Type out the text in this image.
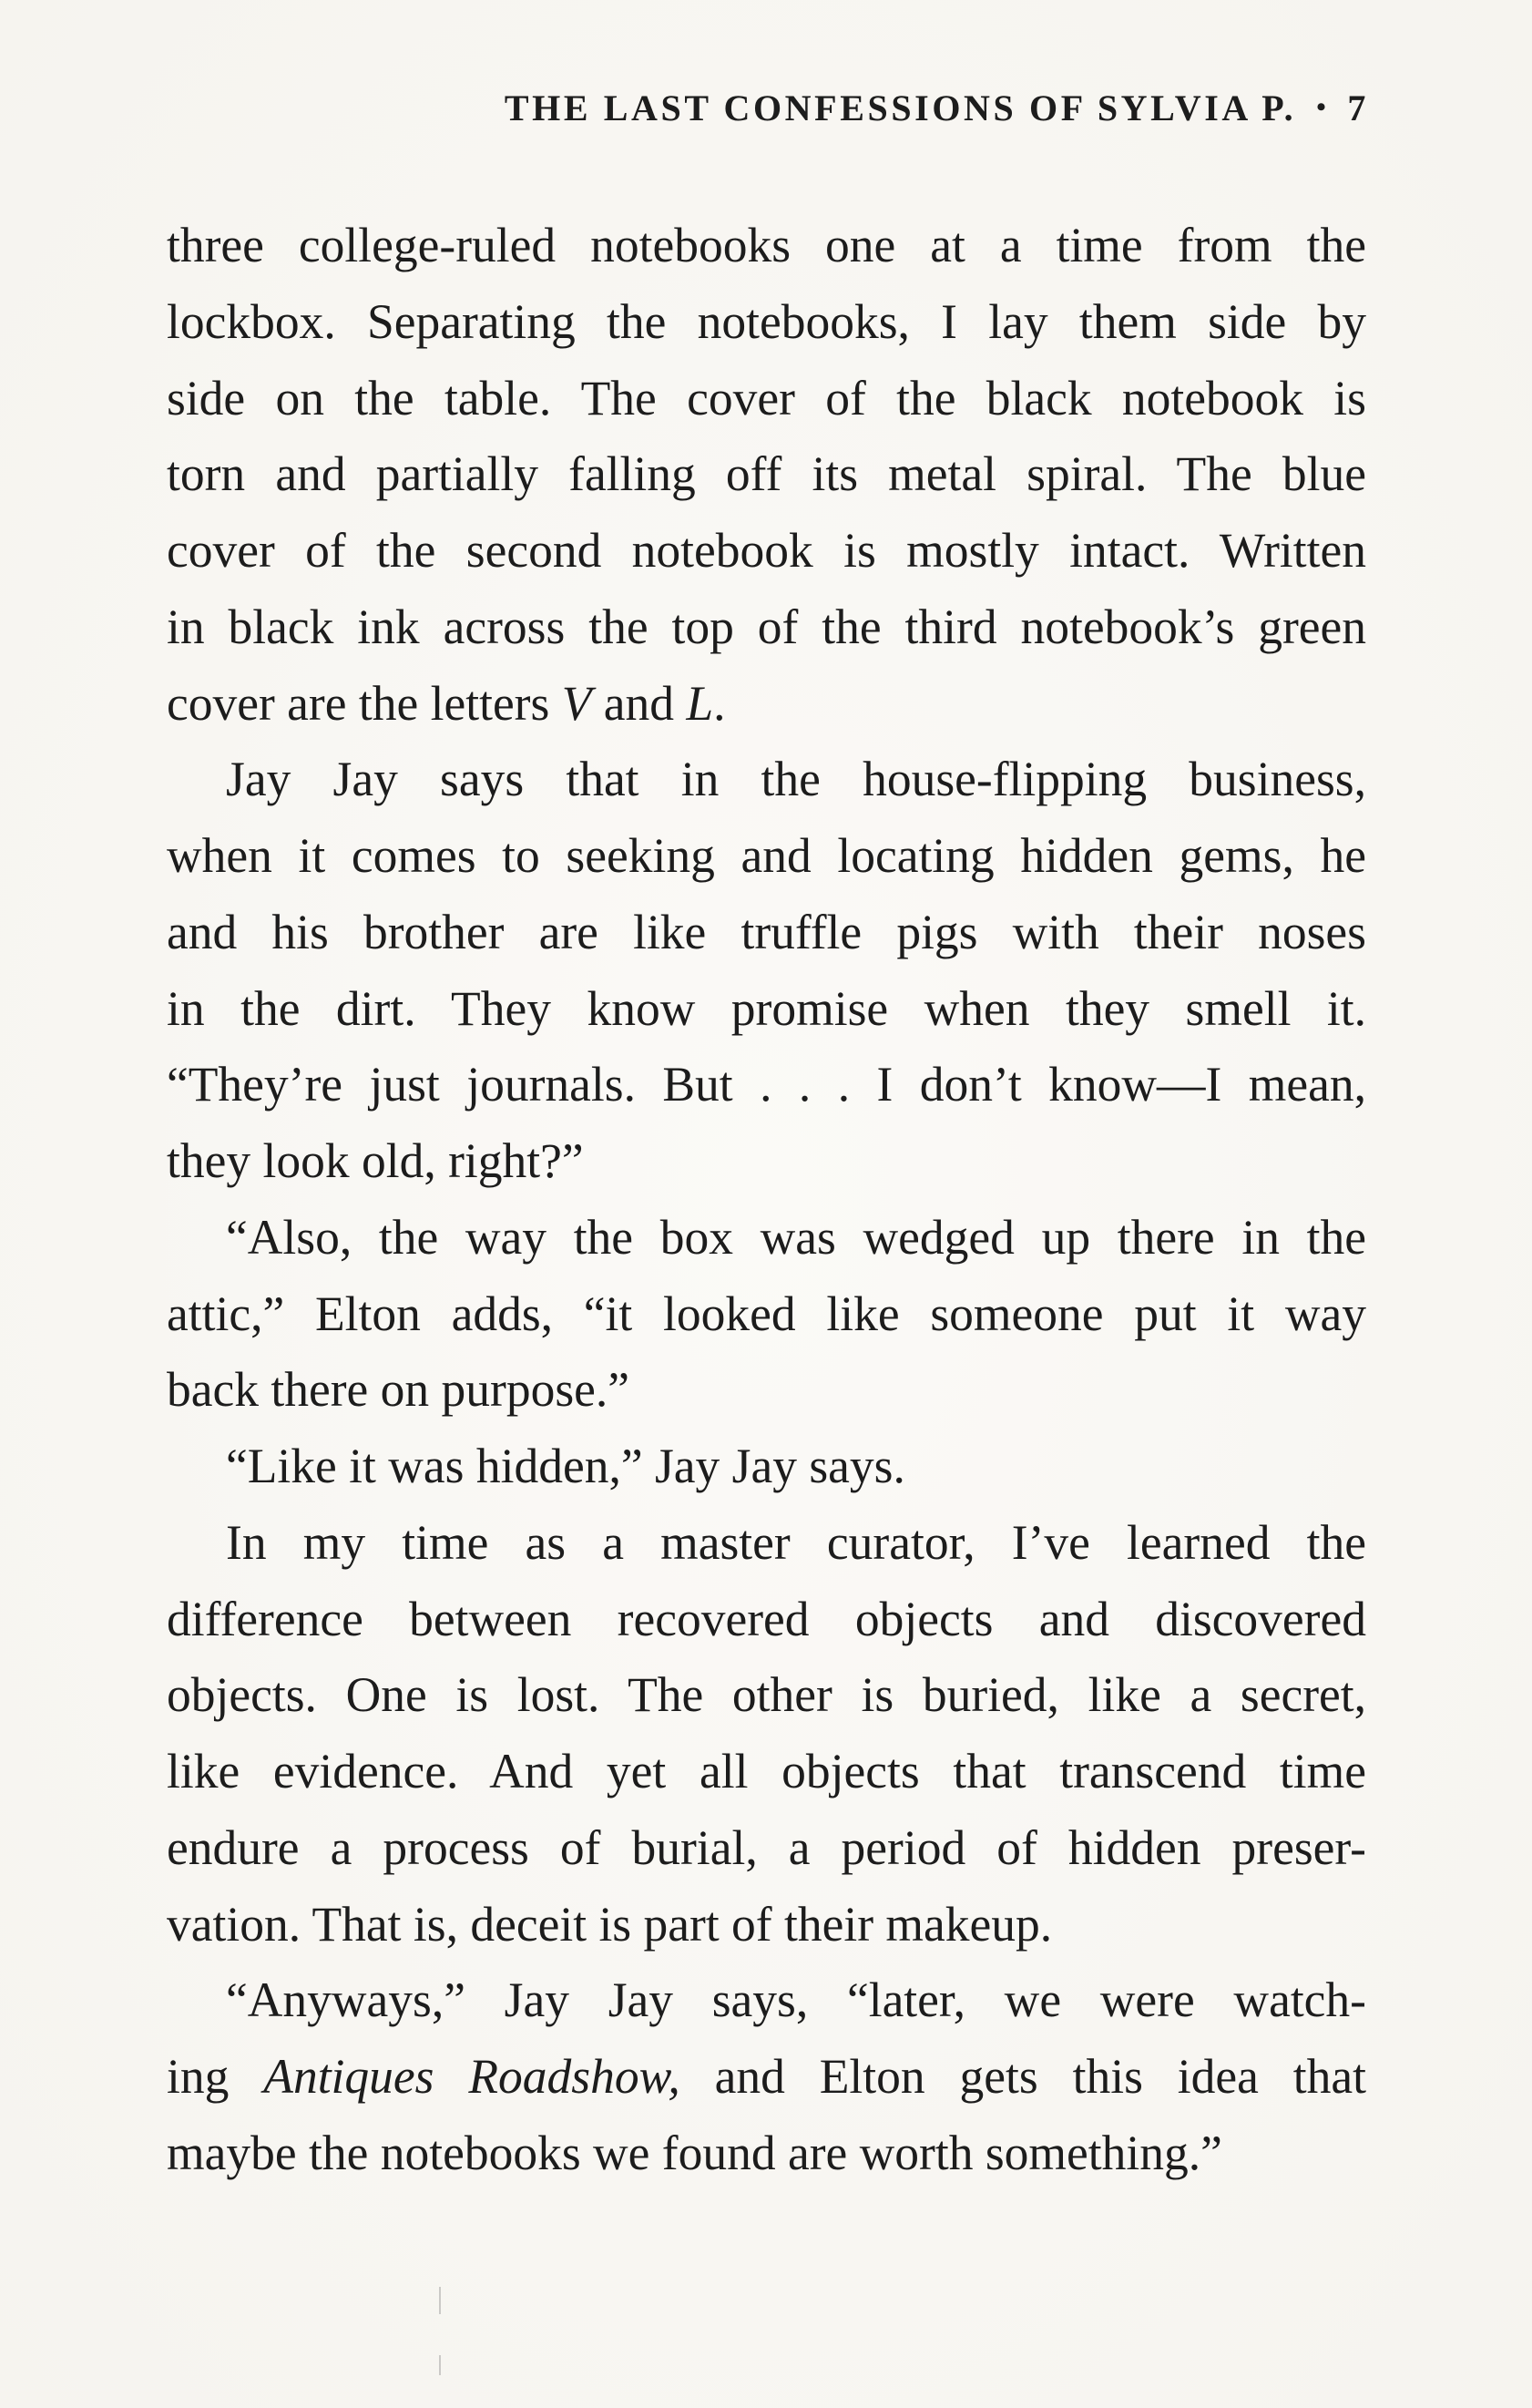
THE LAST CONFESSIONS OF SYLVIA P. • 7
three college-ruled notebooks one at a time from the
lockbox. Separating the notebooks, I lay them side by
side on the table. The cover of the black notebook is
torn and partially falling off its metal spiral. The blue
cover of the second notebook is mostly intact. Written
in black ink across the top of the third notebook’s green
cover are the letters V and L.
Jay Jay says that in the house-flipping business,
when it comes to seeking and locating hidden gems, he
and his brother are like truffle pigs with their noses
in the dirt. They know promise when they smell it.
“They’re just journals. But . . . I don’t know—I mean,
they look old, right?”
“Also, the way the box was wedged up there in the
attic,” Elton adds, “it looked like someone put it way
back there on purpose.”
“Like it was hidden,” Jay Jay says.
In my time as a master curator, I’ve learned the
difference between recovered objects and discovered
objects. One is lost. The other is buried, like a secret,
like evidence. And yet all objects that transcend time
endure a process of burial, a period of hidden preser-
vation. That is, deceit is part of their makeup.
“Anyways,” Jay Jay says, “later, we were watch-
ing Antiques Roadshow, and Elton gets this idea that
maybe the notebooks we found are worth something.”
